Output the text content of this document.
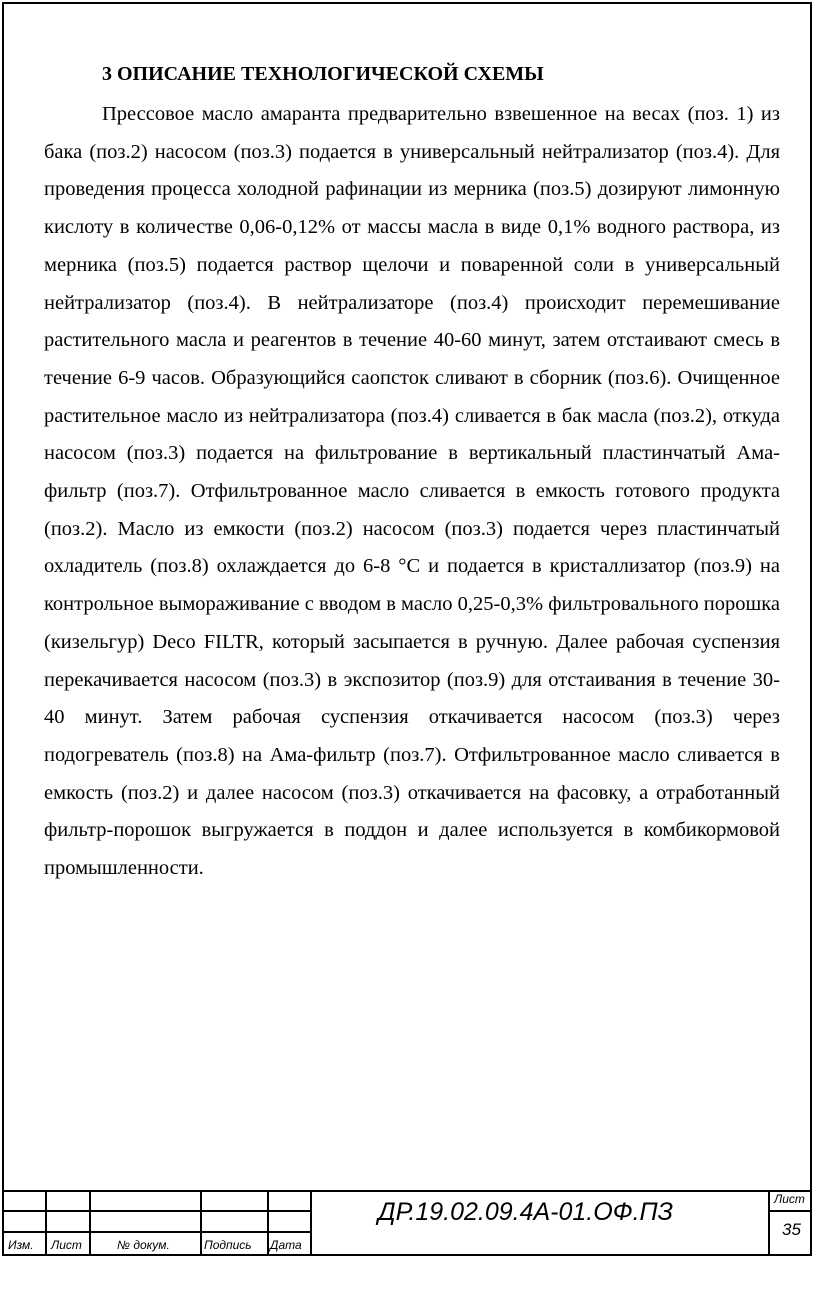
3 ОПИСАНИЕ ТЕХНОЛОГИЧЕСКОЙ СХЕМЫ

Прессовое масло амаранта предварительно взвешенное на весах (поз. 1) из бака (поз.2) насосом (поз.3) подается в универсальный нейтрализатор (поз.4). Для проведения процесса холодной рафинации из мерника (поз.5) дозируют лимонную кислоту в количестве 0,06-0,12% от массы масла в виде 0,1% водного раствора, из мерника (поз.5) подается раствор щелочи и поваренной соли в универсальный нейтрализатор (поз.4). В нейтрализаторе (поз.4) происходит перемешивание растительного масла и реагентов в течение 40-60 минут, затем отстаивают смесь в течение 6-9 часов. Образующийся саопсток сливают в сборник (поз.6). Очищенное растительное масло из нейтрализатора (поз.4) сливается в бак масла (поз.2), откуда насосом (поз.3) подается на фильтрование в вертикальный пластинчатый Ама-фильтр (поз.7). Отфильтрованное масло сливается в емкость готового продукта (поз.2). Масло из емкости (поз.2) насосом (поз.3) подается через пластинчатый охладитель (поз.8) охлаждается до 6-8 °С и подается в кристаллизатор (поз.9) на контрольное вымораживание с вводом в масло 0,25-0,3% фильтровального порошка (кизельгур) Deco FILTR, который засыпается в ручную. Далее рабочая суспензия перекачивается насосом (поз.3) в экспозитор (поз.9) для отстаивания в течение 30-40 минут. Затем рабочая суспензия откачивается насосом (поз.3) через подогреватель (поз.8) на Ама-фильтр (поз.7). Отфильтрованное масло сливается в емкость (поз.2) и далее насосом (поз.3) откачивается на фасовку, а отработанный фильтр-порошок выгружается в поддон и далее используется в комбикормовой промышленности.

Изм. Лист	№ докум.	Подпись Дата
ДР.19.02.09.4А-01.ОФ.ПЗ	Лист
35
